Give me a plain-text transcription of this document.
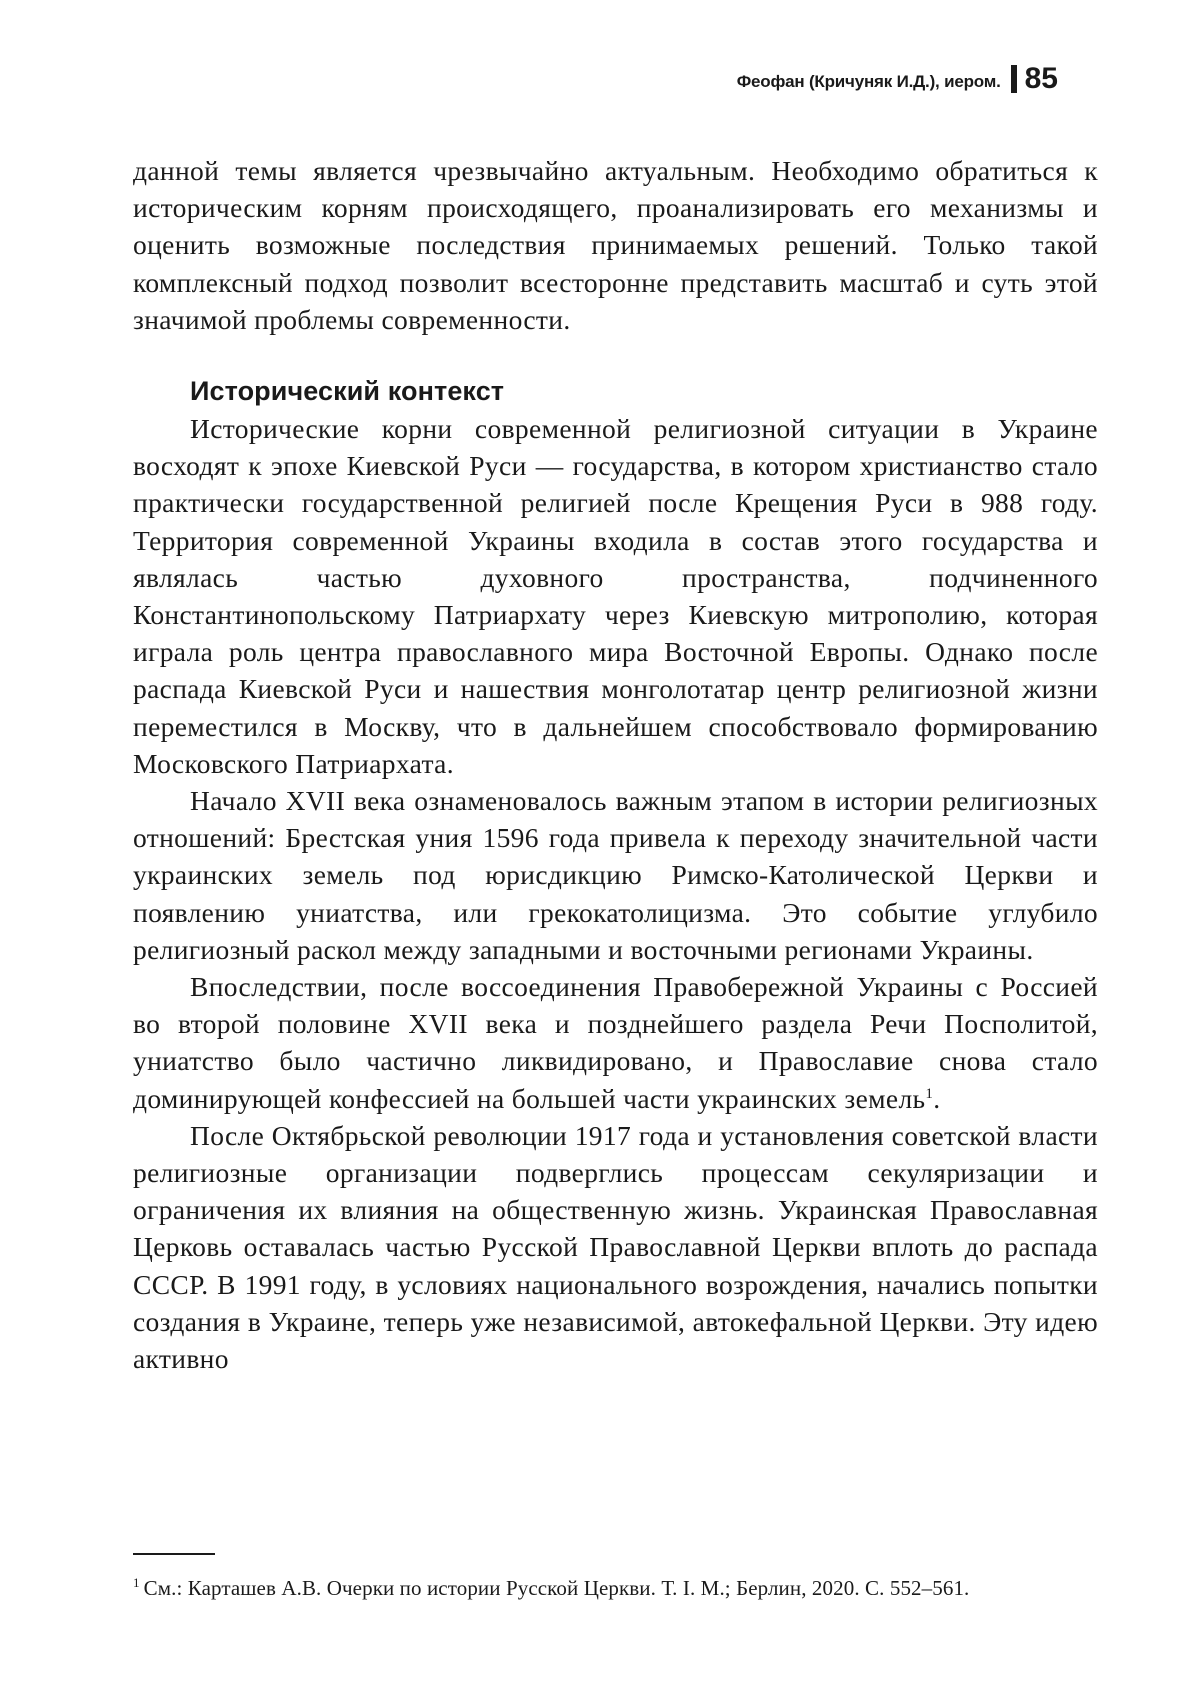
Феофан (Кричуняк И.Д.), иером. 85

данной темы является чрезвычайно актуальным. Необходимо обратиться к историческим корням происходящего, проанализировать его механизмы и оценить возможные последствия принимаемых решений. Только такой комплексный подход позволит всесторонне представить масштаб и суть этой значимой проблемы современности.

Исторический контекст

Исторические корни современной религиозной ситуации в Украине восходят к эпохе Киевской Руси — государства, в котором христианство стало практически государственной религией после Крещения Руси в 988 году. Территория современной Украины входила в состав этого государства и являлась частью духовного пространства, подчиненного Константинопольскому Патриархату через Киевскую митрополию, которая играла роль центра православного мира Восточной Европы. Однако после распада Киевской Руси и нашествия монголотатар центр религиозной жизни переместился в Москву, что в дальнейшем способствовало формированию Московского Патриархата.

Начало XVII века ознаменовалось важным этапом в истории религиозных отношений: Брестская уния 1596 года привела к переходу значительной части украинских земель под юрисдикцию Римско-Католической Церкви и появлению униатства, или грекокатолицизма. Это событие углубило религиозный раскол между западными и восточными регионами Украины.

Впоследствии, после воссоединения Правобережной Украины с Россией во второй половине XVII века и позднейшего раздела Речи Посполитой, униатство было частично ликвидировано, и Православие снова стало доминирующей конфессией на большей части украинских земель$^1$.

После Октябрьской революции 1917 года и установления советской власти религиозные организации подверглись процессам секуляризации и ограничения их влияния на общественную жизнь. Украинская Православная Церковь оставалась частью Русской Православной Церкви вплоть до распада СССР. В 1991 году, в условиях национального возрождения, начались попытки создания в Украине, теперь уже независимой, автокефальной Церкви. Эту идею активно

$^1$ См.: Карташев А.В. Очерки по истории Русской Церкви. Т. I. М.; Берлин, 2020. С. 552–561.
